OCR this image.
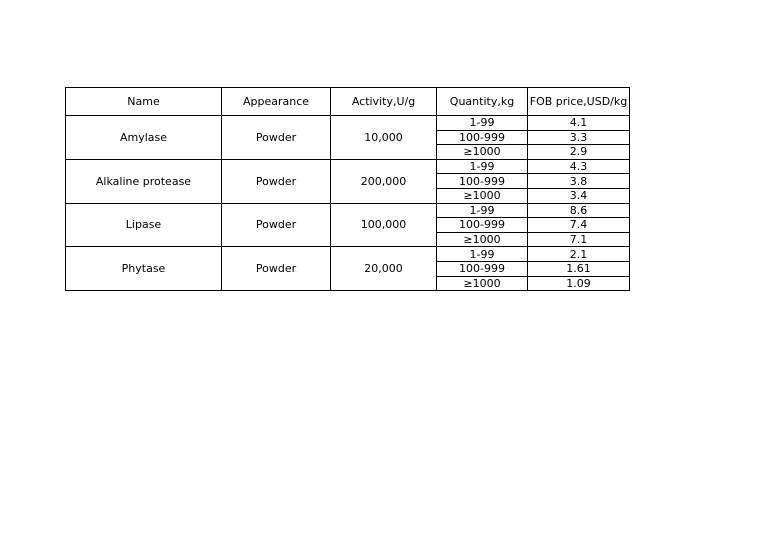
Name	Appearance	Activity,U/g	Quantity,kg	FOB price,USD/kg
Amylase	Powder	10,000	1-99	4.1
			100-999	3.3
			≥1000	2.9
Alkaline protease	Powder	200,000	1-99	4.3
			100-999	3.8
			≥1000	3.4
Lipase	Powder	100,000	1-99	8.6
			100-999	7.4
			≥1000	7.1
Phytase	Powder	20,000	1-99	2.1
			100-999	1.61
			≥1000	1.09
